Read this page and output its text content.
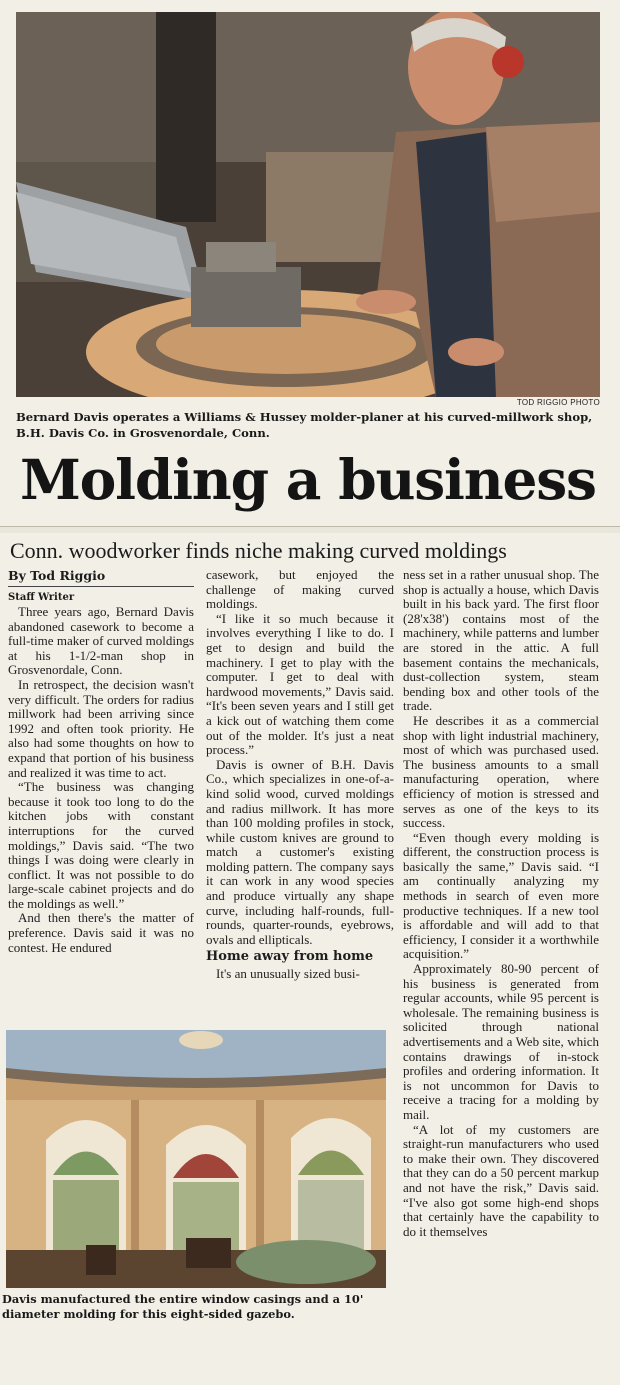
TOD RIGGIO PHOTO
Bernard Davis operates a Williams & Hussey molder-planer at his curved-millwork shop, B.H. Davis Co. in Grosvenordale, Conn.
Molding a business
Conn. woodworker finds niche making curved moldings
By Tod Riggio
Staff Writer

Three years ago, Bernard Davis abandoned casework to become a full-time maker of curved moldings at his 1-1/2-man shop in Grosvenordale, Conn.

In retrospect, the decision wasn't very difficult. The orders for radius millwork had been arriving since 1992 and often took priority. He also had some thoughts on how to expand that portion of his business and realized it was time to act.

“The business was changing because it took too long to do the kitchen jobs with constant interruptions for the curved moldings,” Davis said. “The two things I was doing were clearly in conflict. It was not possible to do large-scale cabinet projects and do the moldings as well.”

And then there's the matter of preference. Davis said it was no contest. He endured

casework, but enjoyed the challenge of making curved moldings.

“I like it so much because it involves everything I like to do. I get to design and build the machinery. I get to play with the computer. I get to deal with hardwood movements,” Davis said. “It's been seven years and I still get a kick out of watching them come out of the molder. It's just a neat process.”

Davis is owner of B.H. Davis Co., which specializes in one-of-a-kind solid wood, curved moldings and radius millwork. It has more than 100 molding profiles in stock, while custom knives are ground to match a customer's existing molding pattern. The company says it can work in any wood species and produce virtually any shape curve, including half-rounds, full-rounds, quarter-rounds, eyebrows, ovals and ellipticals.

Home away from home

It's an unusually sized busi-

ness set in a rather unusual shop. The shop is actually a house, which Davis built in his back yard. The first floor (28'x38') contains most of the machinery, while patterns and lumber are stored in the attic. A full basement contains the mechanicals, dust-collection system, steam bending box and other tools of the trade.

He describes it as a commercial shop with light industrial machinery, most of which was purchased used. The business amounts to a small manufacturing operation, where efficiency of motion is stressed and serves as one of the keys to its success.

“Even though every molding is different, the construction process is basically the same,” Davis said. “I am continually analyzing my methods in search of even more productive techniques. If a new tool is affordable and will add to that efficiency, I consider it a worthwhile acquisition.”

Approximately 80-90 percent of his business is generated from regular accounts, while 95 percent is wholesale. The remaining business is solicited through national advertisements and a Web site, which contains drawings of in-stock profiles and ordering information. It is not uncommon for Davis to receive a tracing for a molding by mail.

“A lot of my customers are straight-run manufacturers who used to make their own. They discovered that they can do a 50 percent markup and not have the risk,” Davis said. “I've also got some high-end shops that certainly have the capability to do it themselves

Davis manufactured the entire window casings and a 10' diameter molding for this eight-sided gazebo.
